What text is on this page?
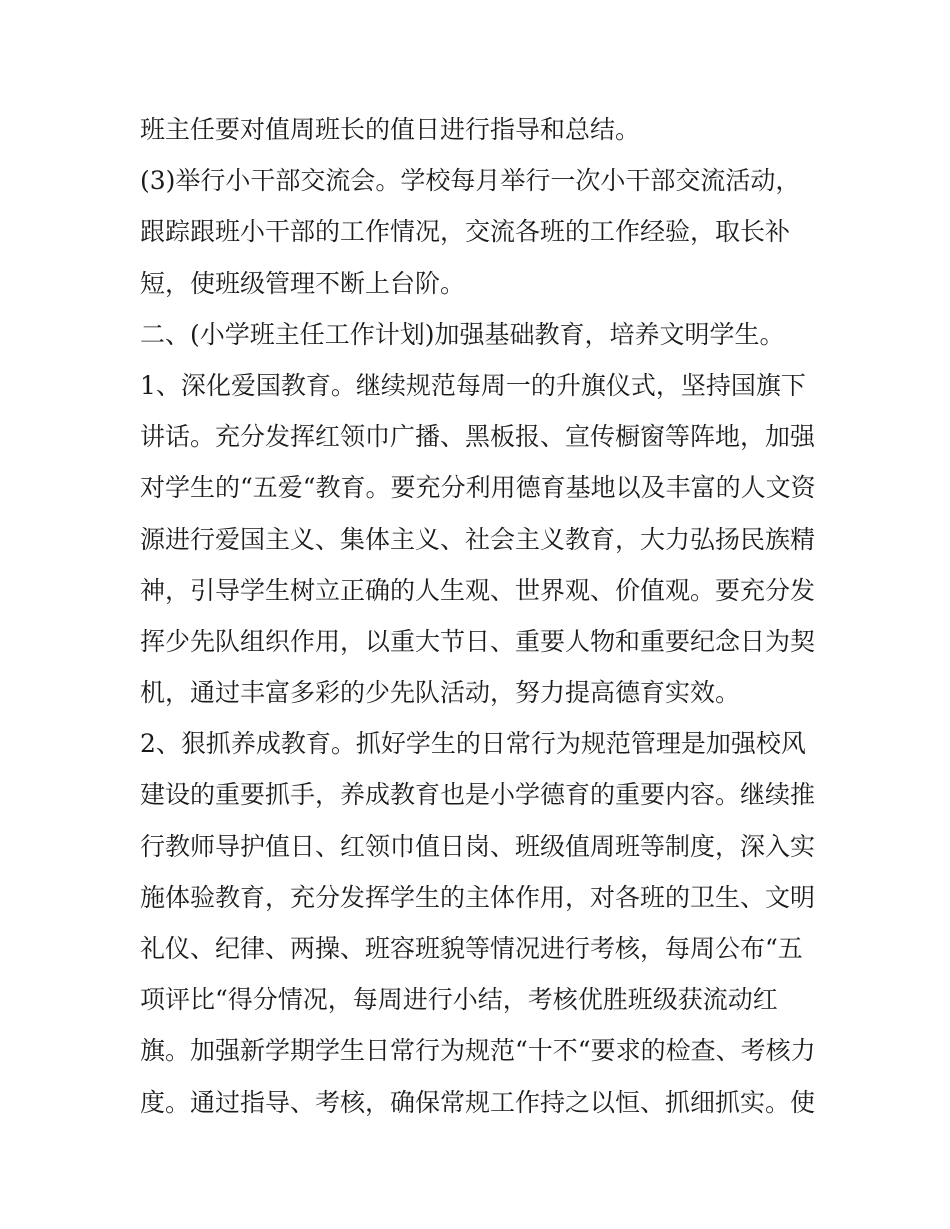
班主任要对值周班长的值日进行指导和总结。
(3)举行小干部交流会。学校每月举行一次小干部交流活动，
跟踪跟班小干部的工作情况，交流各班的工作经验，取长补
短，使班级管理不断上台阶。
二、(小学班主任工作计划)加强基础教育，培养文明学生。
1、深化爱国教育。继续规范每周一的升旗仪式，坚持国旗下
讲话。充分发挥红领巾广播、黑板报、宣传橱窗等阵地，加强
对学生的“五爱“教育。要充分利用德育基地以及丰富的人文资
源进行爱国主义、集体主义、社会主义教育，大力弘扬民族精
神，引导学生树立正确的人生观、世界观、价值观。要充分发
挥少先队组织作用，以重大节日、重要人物和重要纪念日为契
机，通过丰富多彩的少先队活动，努力提高德育实效。
2、狠抓养成教育。抓好学生的日常行为规范管理是加强校风
建设的重要抓手，养成教育也是小学德育的重要内容。继续推
行教师导护值日、红领巾值日岗、班级值周班等制度，深入实
施体验教育，充分发挥学生的主体作用，对各班的卫生、文明
礼仪、纪律、两操、班容班貌等情况进行考核，每周公布“五
项评比“得分情况，每周进行小结，考核优胜班级获流动红
旗。加强新学期学生日常行为规范“十不“要求的检查、考核力
度。通过指导、考核，确保常规工作持之以恒、抓细抓实。使
